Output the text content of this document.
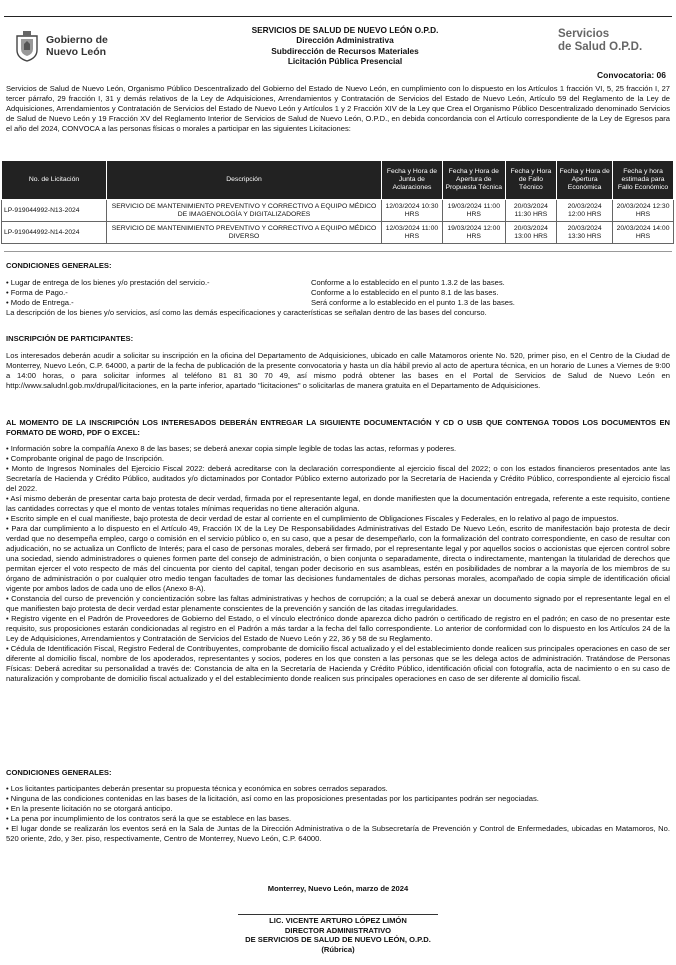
Gobierno de
Nuevo León
SERVICIOS DE SALUD DE NUEVO LEÓN O.P.D.
Dirección Administrativa
Subdirección de Recursos Materiales
Licitación Pública Presencial
Servicios
de Salud O.P.D.
Convocatoria: 06
Servicios de Salud de Nuevo León, Organismo Público Descentralizado del Gobierno del Estado de Nuevo León, en cumplimiento con lo dispuesto en los Artículos 1 fracción VI, 5, 25 fracción I, 27 tercer párrafo, 29 fracción I, 31 y demás relativos de la Ley de Adquisiciones, Arrendamientos y Contratación de Servicios del Estado de Nuevo León, Artículo 59 del Reglamento de la Ley de Adquisiciones, Arrendamientos y Contratación de Servicios del Estado de Nuevo León y Artículos 1 y 2 Fracción XIV de la Ley que Crea el Organismo Público Descentralizado denominado Servicios de Salud de Nuevo León y 19 Fracción XV del Reglamento Interior de Servicios de Salud de Nuevo León, O.P.D., en debida concordancia con el Artículo correspondiente de la Ley de Egresos para el año del 2024, CONVOCA a las personas físicas o morales a participar en las siguientes Licitaciones:
No. de Licitación	Descripción	Fecha y Hora de Junta de Aclaraciones	Fecha y Hora de Apertura de Propuesta Técnica	Fecha y Hora de Fallo Técnico	Fecha y Hora de Apertura Económica	Fecha y hora estimada para Fallo Económico
LP-919044992-N13-2024	SERVICIO DE MANTENIMIENTO PREVENTIVO Y CORRECTIVO A EQUIPO MÉDICO DE IMAGENOLOGÍA Y DIGITALIZADORES	12/03/2024 10:30 HRS	19/03/2024 11:00 HRS	20/03/2024 11:30 HRS	20/03/2024 12:00 HRS	20/03/2024 12:30 HRS
LP-919044992-N14-2024	SERVICIO DE MANTENIMIENTO PREVENTIVO Y CORRECTIVO A EQUIPO MÉDICO DIVERSO	12/03/2024 11:00 HRS	19/03/2024 12:00 HRS	20/03/2024 13:00 HRS	20/03/2024 13:30 HRS	20/03/2024 14:00 HRS

CONDICIONES GENERALES:

• Lugar de entrega de los bienes y/o prestación del servicio.-	Conforme a lo establecido en el punto 1.3.2 de las bases.
• Forma de Pago.-	Conforme a lo establecido en el punto 8.1 de las bases.
• Modo de Entrega.-	Será conforme a lo establecido en el punto 1.3 de las bases.

La descripción de los bienes y/o servicios, así como las demás especificaciones y características se señalan dentro de las bases del concurso.

INSCRIPCIÓN DE PARTICIPANTES:

Los interesados deberán acudir a solicitar su inscripción en la oficina del Departamento de Adquisiciones, ubicado en calle Matamoros oriente No. 520, primer piso, en el Centro de la Ciudad de Monterrey, Nuevo León, C.P. 64000, a partir de la fecha de publicación de la presente convocatoria y hasta un día hábil previo al acto de apertura técnica, en un horario de Lunes a Viernes de 9:00 a 14:00 horas, o para solicitar informes al teléfono 81 81 30 70 49, así mismo podrá obtener las bases en el Portal de Servicios de Salud de Nuevo León en http://www.saludnl.gob.mx/drupal/licitaciones, en la parte inferior, apartado "licitaciones" o solicitarlas de manera gratuita en el Departamento de Adquisiciones.

AL MOMENTO DE LA INSCRIPCIÓN LOS INTERESADOS DEBERÁN ENTREGAR LA SIGUIENTE DOCUMENTACIÓN Y CD O USB QUE CONTENGA TODOS LOS DOCUMENTOS EN FORMATO DE WORD, PDF O EXCEL:

• Información sobre la compañía Anexo 8 de las bases; se deberá anexar copia simple legible de todas las actas, reformas y poderes.

• Comprobante original de pago de Inscripción.

• Monto de Ingresos Nominales del Ejercicio Fiscal 2022: deberá acreditarse con la declaración correspondiente al ejercicio fiscal del 2022; o con los estados financieros presentados ante las Secretaría de Hacienda y Crédito Público, auditados y/o dictaminados por Contador Público externo autorizado por la Secretaría de Hacienda y Crédito Público, correspondiente al ejercicio fiscal del 2022.

• Así mismo deberán de presentar carta bajo protesta de decir verdad, firmada por el representante legal, en donde manifiesten que la documentación entregada, referente a este requisito, contiene las cantidades correctas y que el monto de ventas totales mínimas requeridas no tiene alteración alguna.

• Escrito simple en el cual manifieste, bajo protesta de decir verdad de estar al corriente en el cumplimiento de Obligaciones Fiscales y Federales, en lo relativo al pago de impuestos.

• Para dar cumplimiento a lo dispuesto en el Artículo 49, Fracción IX de la Ley De Responsabilidades Administrativas del Estado De Nuevo León, escrito de manifestación bajo protesta de decir verdad que no desempeña empleo, cargo o comisión en el servicio público o, en su caso, que a pesar de desempeñarlo, con la formalización del contrato correspondiente, en caso de resultar con adjudicación, no se actualiza un Conflicto de Interés; para el caso de personas morales, deberá ser firmado, por el representante legal y por aquellos socios o accionistas que ejercen control sobre una sociedad, siendo administradores o quienes formen parte del consejo de administración, o bien conjunta o separadamente, directa o indirectamente, mantengan la titularidad de derechos que permitan ejercer el voto respecto de más del cincuenta por ciento del capital, tengan poder decisorio en sus asambleas, estén en posibilidades de nombrar a la mayoría de los miembros de su órgano de administración o por cualquier otro medio tengan facultades de tomar las decisiones fundamentales de dichas personas morales, acompañado de copia simple de identificación oficial vigente por ambos lados de cada uno de ellos (Anexo 8-A).

• Constancia del curso de prevención y concientización sobre las faltas administrativas y hechos de corrupción; a la cual se deberá anexar un documento signado por el representante legal en el que manifiesten bajo protesta de decir verdad estar plenamente conscientes de la prevención y sanción de las citadas irregularidades.

• Registro vigente en el Padrón de Proveedores de Gobierno del Estado, o el vínculo electrónico donde aparezca dicho padrón o certificado de registro en el padrón; en caso de no presentar este requisito, sus proposiciones estarán condicionadas al registro en el Padrón a más tardar a la fecha del fallo correspondiente. Lo anterior de conformidad con lo dispuesto en los Artículos 24 de la Ley de Adquisiciones, Arrendamientos y Contratación de Servicios del Estado de Nuevo León y 22, 36 y 58 de su Reglamento.

• Cédula de Identificación Fiscal, Registro Federal de Contribuyentes, comprobante de domicilio fiscal actualizado y el del establecimiento donde realicen sus principales operaciones en caso de ser diferente al domicilio fiscal, nombre de los apoderados, representantes y socios, poderes en los que consten a las personas que se les delega actos de administración. Tratándose de Personas Físicas: Deberá acreditar su personalidad a través de: Constancia de alta en la Secretaría de Hacienda y Crédito Público, identificación oficial con fotografía, acta de nacimiento o en su caso de naturalización y comprobante de domicilio fiscal actualizado y el del establecimiento donde realicen sus principales operaciones en caso de ser diferente al domicilio fiscal.

CONDICIONES GENERALES:

• Los licitantes participantes deberán presentar su propuesta técnica y económica en sobres cerrados separados.

• Ninguna de las condiciones contenidas en las bases de la licitación, así como en las proposiciones presentadas por los participantes podrán ser negociadas.

• En la presente licitación no se otorgará anticipo.

• La pena por incumplimiento de los contratos será la que se establece en las bases.

• El lugar donde se realizarán los eventos será en la Sala de Juntas de la Dirección Administrativa o de la Subsecretaría de Prevención y Control de Enfermedades, ubicadas en Matamoros, No. 520 oriente, 2do, y 3er. piso, respectivamente, Centro de Monterrey, Nuevo León, C.P. 64000.

Monterrey, Nuevo León, marzo de 2024
LIC. VICENTE ARTURO LÓPEZ LIMÓN
DIRECTOR ADMINISTRATIVO
DE SERVICIOS DE SALUD DE NUEVO LEÓN, O.P.D.
(Rúbrica)
